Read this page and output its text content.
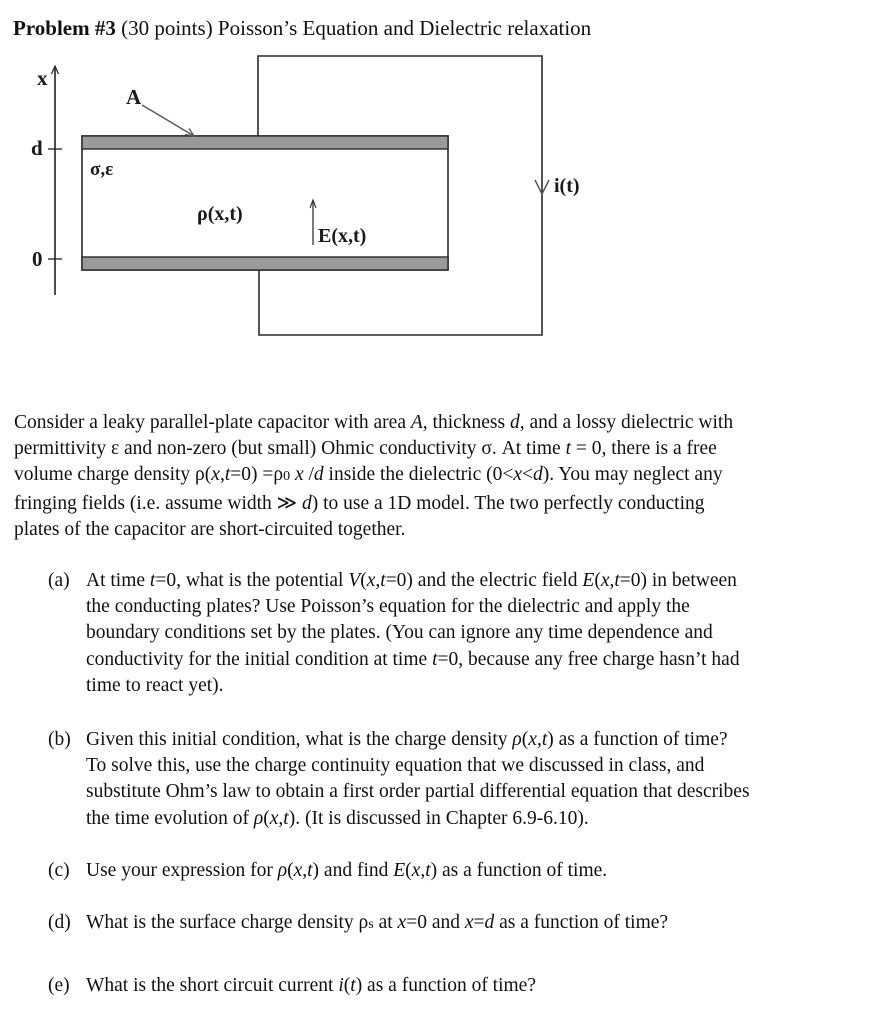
Problem #3 (30 points) Poisson’s Equation and Dielectric relaxation
x
d
0
A
σ,ε
ρ(x,t)
E(x,t)
i(t)

Consider a leaky parallel-plate capacitor with area A, thickness d, and a lossy dielectric with

permittivity ε and non-zero (but small) Ohmic conductivity σ. At time t = 0, there is a free

volume charge density ρ(x,t=0) =ρ0 x /d inside the dielectric (0<x<d). You may neglect any

fringing fields (i.e. assume width ≫ d) to use a 1D model. The two perfectly conducting

plates of the capacitor are short-circuited together.

(a) At time t=0, what is the potential V(x,t=0) and the electric field E(x,t=0) in between
the conducting plates? Use Poisson’s equation for the dielectric and apply the
boundary conditions set by the plates. (You can ignore any time dependence and
conductivity for the initial condition at time t=0, because any free charge hasn’t had
time to react yet).
(b) Given this initial condition, what is the charge density ρ(x,t) as a function of time?
To solve this, use the charge continuity equation that we discussed in class, and
substitute Ohm’s law to obtain a first order partial differential equation that describes
the time evolution of ρ(x,t). (It is discussed in Chapter 6.9-6.10).
(c) Use your expression for ρ(x,t) and find E(x,t) as a function of time.
(d) What is the surface charge density ρs at x=0 and x=d as a function of time?
(e) What is the short circuit current i(t) as a function of time?
